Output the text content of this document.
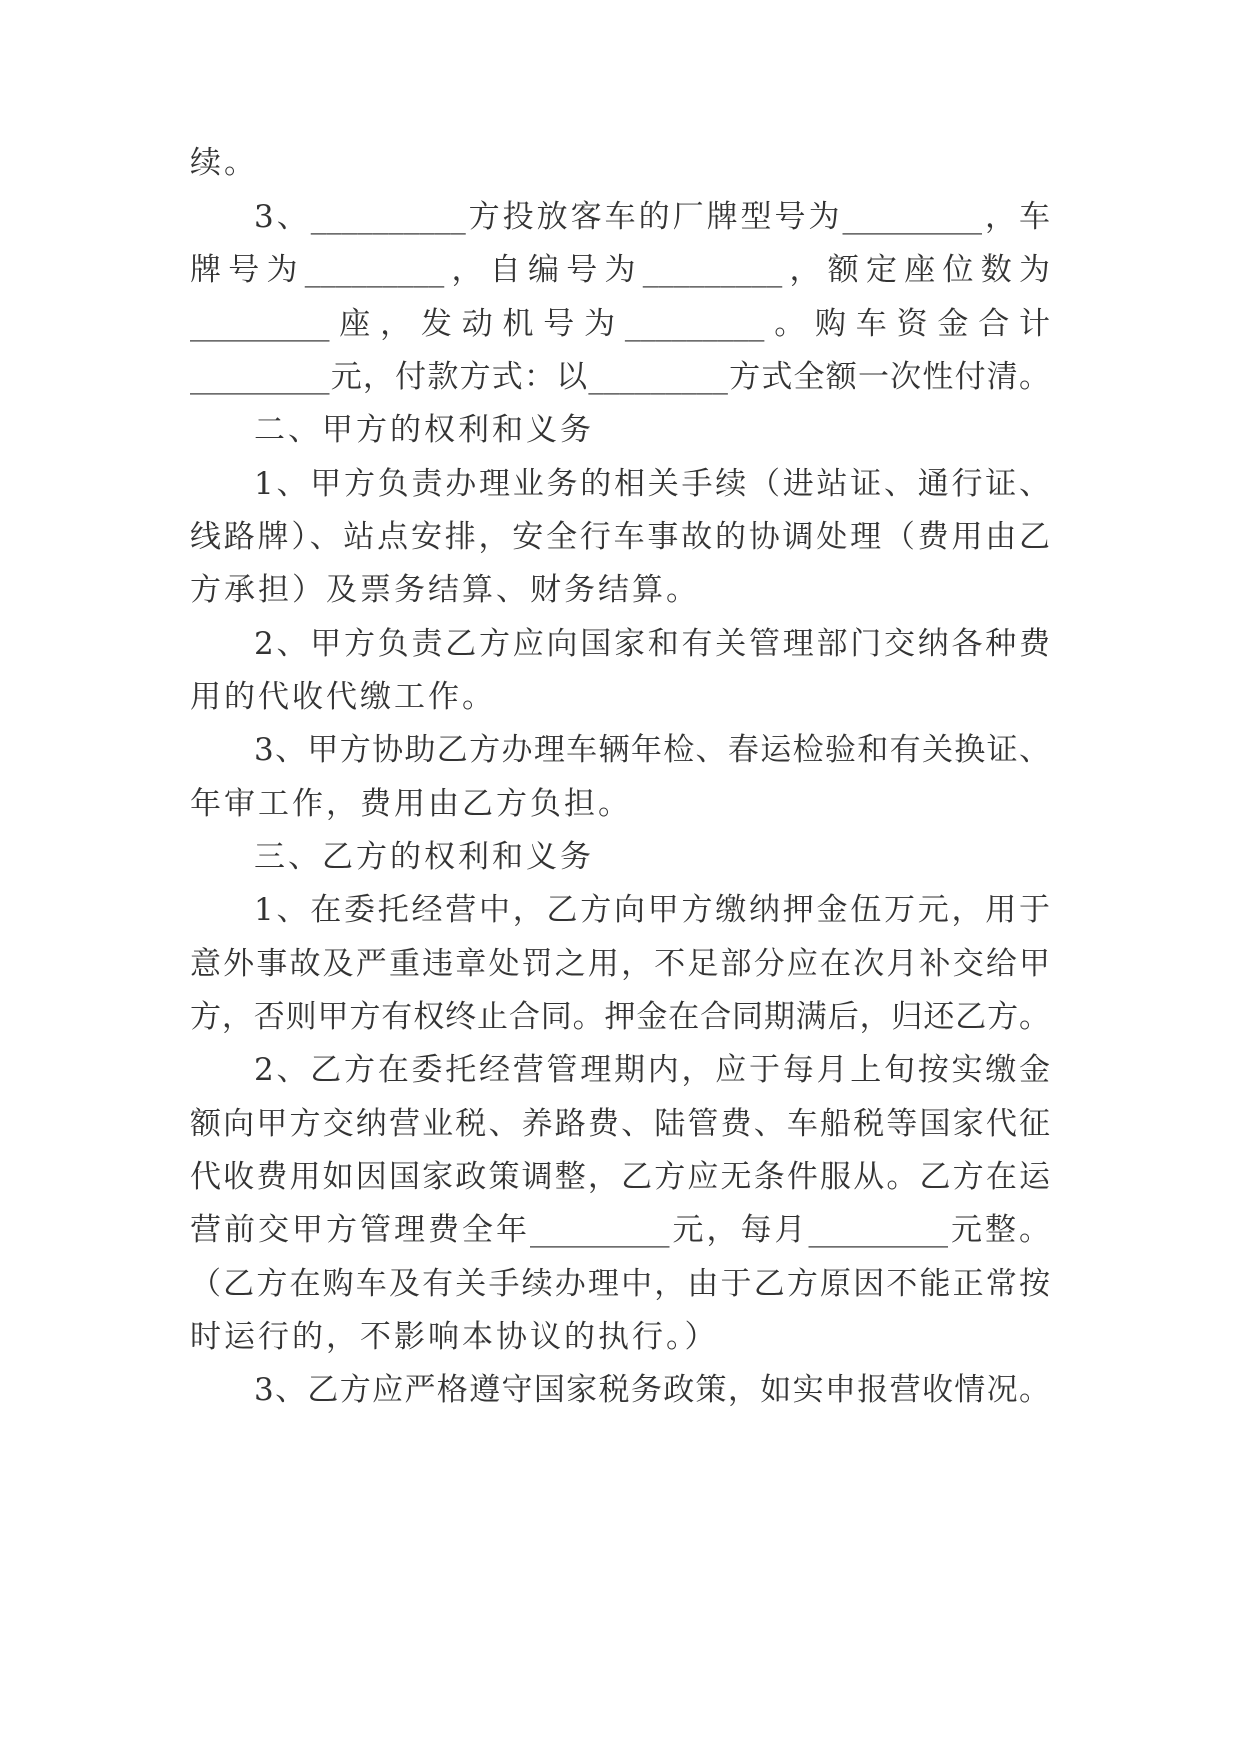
续。
3、__________方投放客车的厂牌型号为_________，车
牌号为_________，自编号为_________，额定座位数为
_________座，发动机号为_________。购车资金合计
_________元，付款方式：以_________方式全额一次性付清。
二、甲方的权利和义务
1、甲方负责办理业务的相关手续（进站证、通行证、
线路牌）、站点安排，安全行车事故的协调处理（费用由乙
方承担）及票务结算、财务结算。
2、甲方负责乙方应向国家和有关管理部门交纳各种费
用的代收代缴工作。
3、甲方协助乙方办理车辆年检、春运检验和有关换证、
年审工作，费用由乙方负担。
三、乙方的权利和义务
1、在委托经营中，乙方向甲方缴纳押金伍万元，用于
意外事故及严重违章处罚之用，不足部分应在次月补交给甲
方，否则甲方有权终止合同。押金在合同期满后，归还乙方。
2、乙方在委托经营管理期内，应于每月上旬按实缴金
额向甲方交纳营业税、养路费、陆管费、车船税等国家代征
代收费用如因国家政策调整，乙方应无条件服从。乙方在运
营前交甲方管理费全年_________元，每月_________元整。
（乙方在购车及有关手续办理中，由于乙方原因不能正常按
时运行的，不影响本协议的执行。）
3、乙方应严格遵守国家税务政策，如实申报营收情况。
